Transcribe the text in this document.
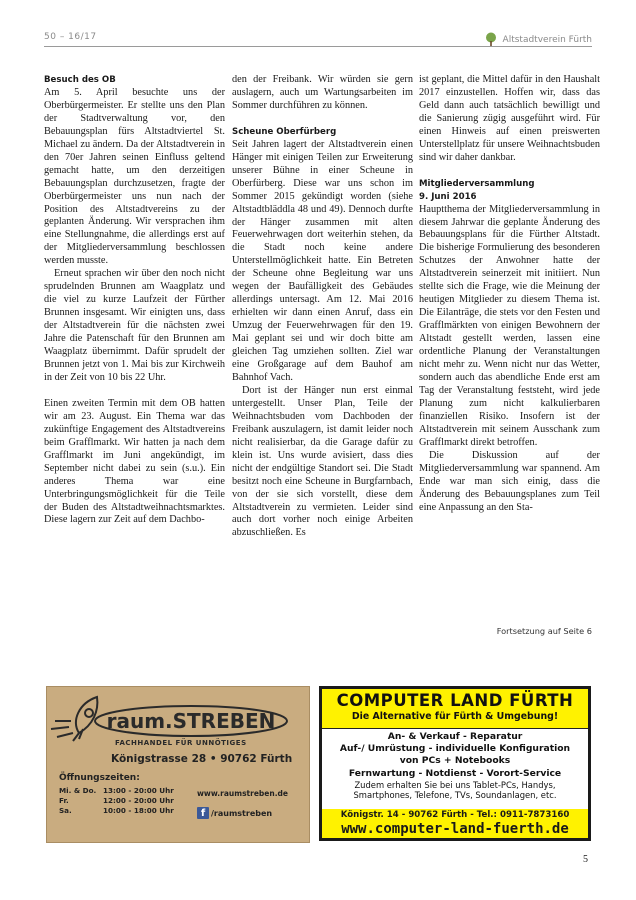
50 – 16/17	Altstadtverein Fürth
Besuch des OB

Am 5. April besuchte uns der Oberbürgermeister. Er stellte uns den Plan der Stadtverwaltung vor, den Bebauungsplan fürs Altstadtviertel St. Michael zu ändern. Da der Altstadtverein in den 70er Jahren seinen Einfluss geltend gemacht hatte, um den derzeitigen Bebauungsplan durchzusetzen, fragte der Oberbürgermeister uns nun nach der Position des Altstadtvereins zu der geplanten Änderung. Wir versprachen ihm eine Stellungnahme, die allerdings erst auf der Mitgliederversammlung beschlossen werden musste.

Erneut sprachen wir über den noch nicht sprudelnden Brunnen am Waagplatz und die viel zu kurze Laufzeit der Fürther Brunnen insgesamt. Wir einigten uns, dass der Altstadtverein für die nächsten zwei Jahre die Patenschaft für den Brunnen am Waagplatz übernimmt. Dafür sprudelt der Brunnen jetzt von 1. Mai bis zur Kirchweih in der Zeit von 10 bis 22 Uhr.

Einen zweiten Termin mit dem OB hatten wir am 23. August. Ein Thema war das zukünftige Engagement des Altstadtvereins beim Grafflmarkt. Wir hatten ja nach dem Grafflmarkt im Juni angekündigt, im September nicht dabei zu sein (s.u.). Ein anderes Thema war eine Unterbringungsmöglichkeit für die Teile der Buden des Altstadtweihnachtsmarktes. Diese lagern zur Zeit auf dem Dachbo-

den der Freibank. Wir würden sie gern auslagern, auch um Wartungsarbeiten im Sommer durchführen zu können.

Scheune Oberfürberg

Seit Jahren lagert der Altstadtverein einen Hänger mit einigen Teilen zur Erweiterung unserer Bühne in einer Scheune in Oberfürberg. Diese war uns schon im Sommer 2015 gekündigt worden (siehe Altstadtbläddla 48 und 49). Dennoch durfte der Hänger zusammen mit alten Feuerwehrwagen dort weiterhin stehen, da die Stadt noch keine andere Unterstellmöglichkeit hatte. Ein Betreten der Scheune ohne Begleitung war uns wegen der Baufälligkeit des Gebäudes allerdings untersagt. Am 12. Mai 2016 erhielten wir dann einen Anruf, dass ein Umzug der Feuerwehrwagen für den 19. Mai geplant sei und wir doch bitte am gleichen Tag umziehen sollten. Ziel war eine Großgarage auf dem Bauhof am Bahnhof Vach.

Dort ist der Hänger nun erst einmal untergestellt. Unser Plan, Teile der Weihnachtsbuden vom Dachboden der Freibank auszulagern, ist damit leider noch nicht realisierbar, da die Garage dafür zu klein ist. Uns wurde avisiert, dass dies nicht der endgültige Standort sei. Die Stadt besitzt noch eine Scheune in Burgfarnbach, von der sie sich vorstellt, diese dem Altstadtverein zu vermieten. Leider sind auch dort vorher noch einige Arbeiten abzuschließen. Es

ist geplant, die Mittel dafür in den Haushalt 2017 einzustellen. Hoffen wir, dass das Geld dann auch tatsächlich bewilligt und die Sanierung zügig ausgeführt wird. Für einen Hinweis auf einen preiswerten Unterstellplatz für unsere Weihnachtsbuden sind wir daher dankbar.

Mitgliederversammlung
9. Juni 2016

Hauptthema der Mitgliederversammlung in diesem Jahrwar die geplante Änderung des Bebauungsplans für die Fürther Altstadt. Die bisherige Formulierung des besonderen Schutzes der Anwohner hatte der Altstadtverein seinerzeit mit initiiert. Nun stellte sich die Frage, wie die Meinung der heutigen Mitglieder zu diesem Thema ist. Die Eilanträge, die stets vor den Festen und Grafflmärkten von einigen Bewohnern der Altstadt gestellt werden, lassen eine ordentliche Planung der Veranstaltungen nicht mehr zu. Wenn nicht nur das Wetter, sondern auch das abendliche Ende erst am Tag der Veranstaltung feststeht, wird jede Planung zum nicht kalkulierbaren finanziellen Risiko. Insofern ist der Altstadtverein mit seinem Ausschank zum Grafflmarkt direkt betroffen.

Die Diskussion auf der Mitgliederversammlung war spannend. Am Ende war man sich einig, dass die Änderung des Bebauungsplanes zum Teil eine Anpassung an den Sta-

Fortsetzung auf Seite 6
raum.STREBEN
FACHHANDEL FÜR UNNÖTIGES
Königstrasse 28 • 90762 Fürth
Öffnungszeiten:
Mi. & Do. 13:00 - 20:00 Uhr
Fr.	12:00 - 20:00 Uhr
Sa.	10:00 - 18:00 Uhr
www.raumstreben.de
f /raumstreben
COMPUTER LAND FÜRTH
Die Alternative für Fürth & Umgebung!
An- & Verkauf - Reparatur
Auf-/ Umrüstung - individuelle Konfiguration
von PCs + Notebooks
Fernwartung - Notdienst - Vorort-Service
Zudem erhalten Sie bei uns Tablet-PCs, Handys,
Smartphones, Telefone, TVs, Soundanlagen, etc.
Königstr. 14 - 90762 Fürth - Tel.: 0911-7873160
www.computer-land-fuerth.de
5
